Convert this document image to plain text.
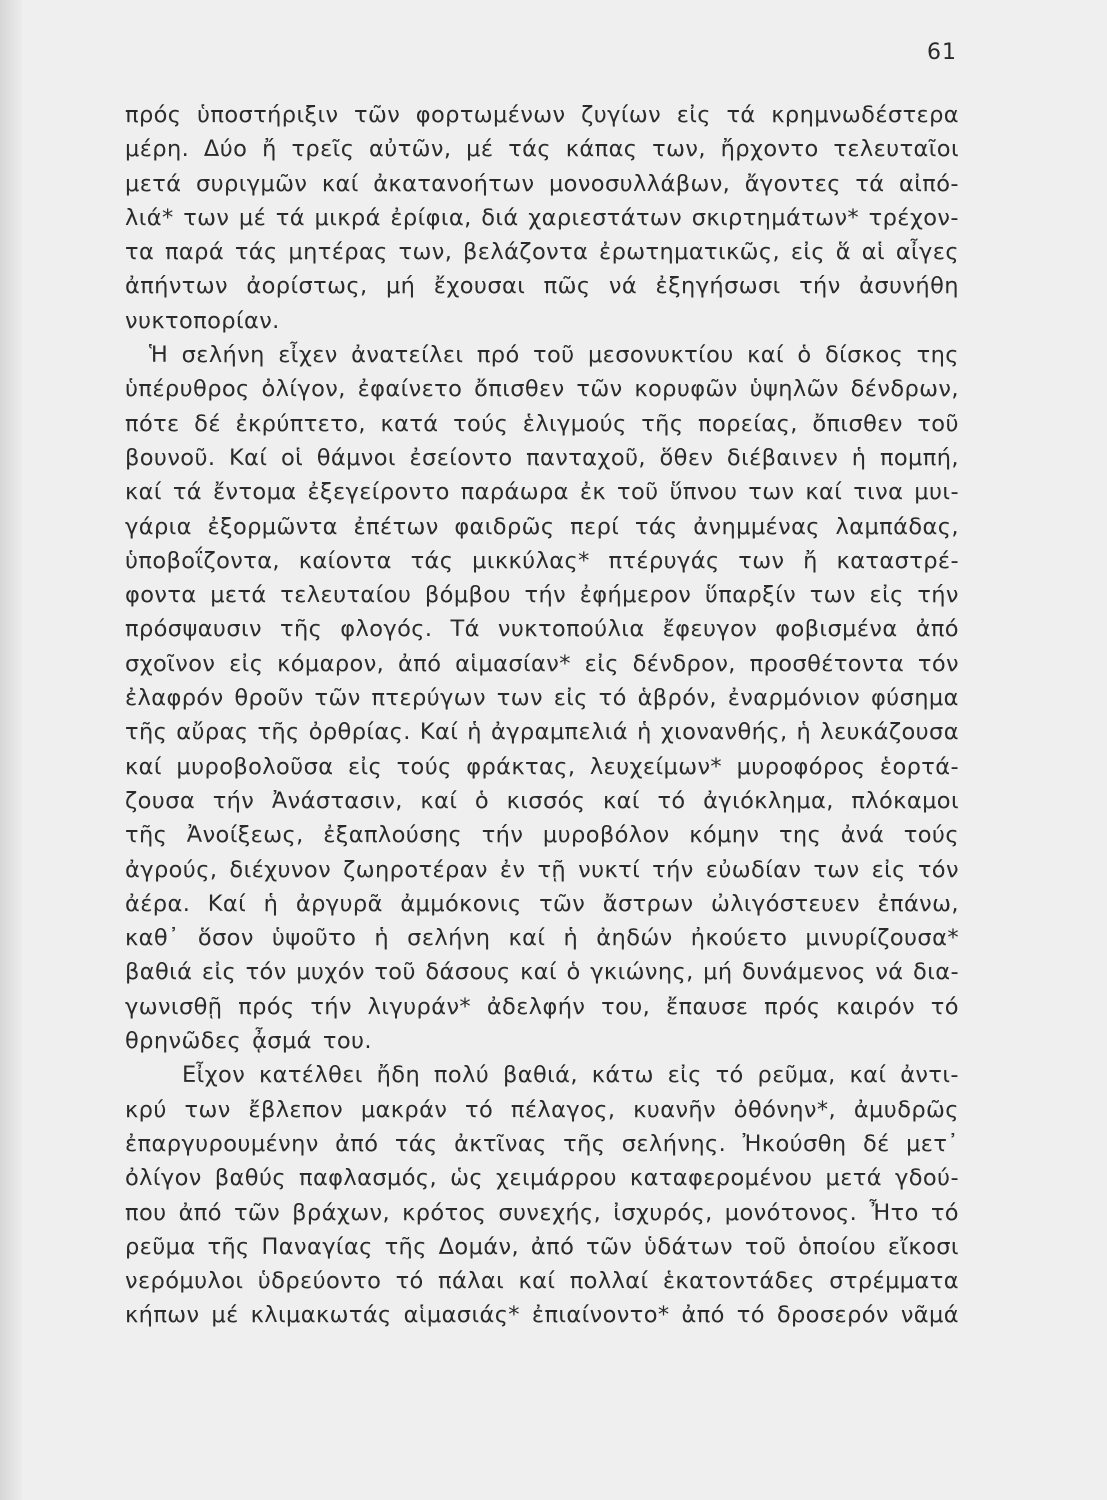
61
πρός ὑποστήριξιν τῶν φορτωμένων ζυγίων εἰς τά κρημνωδέστερα
μέρη. Δύο ἤ τρεῖς αὐτῶν, μέ τάς κάπας των, ἤρχοντο τελευταῖοι
μετά συριγμῶν καί ἀκατανοήτων μονοσυλλάβων, ἄγοντες τά αἰπό-
λιά* των μέ τά μικρά ἐρίφια, διά χαριεστάτων σκιρτημάτων* τρέχον-
τα παρά τάς μητέρας των, βελάζοντα ἐρωτηματικῶς, εἰς ἅ αἱ αἶγες
ἀπήντων ἀορίστως, μή ἔχουσαι πῶς νά ἐξηγήσωσι τήν ἀσυνήθη
νυκτοπορίαν.
Ἡ σελήνη εἶχεν ἀνατείλει πρό τοῦ μεσονυκτίου καί ὁ δίσκος της
ὑπέρυθρος ὀλίγον, ἐφαίνετο ὄπισθεν τῶν κορυφῶν ὑψηλῶν δένδρων,
πότε δέ ἐκρύπτετο, κατά τούς ἑλιγμούς τῆς πορείας, ὄπισθεν τοῦ
βουνοῦ. Καί οἱ θάμνοι ἐσείοντο πανταχοῦ, ὅθεν διέβαινεν ἡ πομπή,
καί τά ἔντομα ἐξεγείροντο παράωρα ἐκ τοῦ ὕπνου των καί τινα μυι-
γάρια ἐξορμῶντα ἐπέτων φαιδρῶς περί τάς ἀνημμένας λαμπάδας,
ὑποβοΐζοντα, καίοντα τάς μικκύλας* πτέρυγάς των ἤ καταστρέ-
φοντα μετά τελευταίου βόμβου τήν ἐφήμερον ὕπαρξίν των εἰς τήν
πρόσψαυσιν τῆς φλογός. Τά νυκτοπούλια ἔφευγον φοβισμένα ἀπό
σχοῖνον εἰς κόμαρον, ἀπό αἱμασίαν* εἰς δένδρον, προσθέτοντα τόν
ἐλαφρόν θροῦν τῶν πτερύγων των εἰς τό ἁβρόν, ἐναρμόνιον φύσημα
τῆς αὔρας τῆς ὀρθρίας. Καί ἡ ἀγραμπελιά ἡ χιονανθής, ἡ λευκάζουσα
καί μυροβολοῦσα εἰς τούς φράκτας, λευχείμων* μυροφόρος ἑορτά-
ζουσα τήν Ἀνάστασιν, καί ὁ κισσός καί τό ἀγιόκλημα, πλόκαμοι
τῆς Ἀνοίξεως, ἐξαπλούσης τήν μυροβόλον κόμην της ἀνά τούς
ἀγρούς, διέχυνον ζωηροτέραν ἐν τῇ νυκτί τήν εὐωδίαν των εἰς τόν
ἀέρα. Καί ἡ ἀργυρᾶ ἀμμόκονις τῶν ἄστρων ὠλιγόστευεν ἐπάνω,
καθ᾽ ὅσον ὑψοῦτο ἡ σελήνη καί ἡ ἀηδών ἠκούετο μινυρίζουσα*
βαθιά εἰς τόν μυχόν τοῦ δάσους καί ὁ γκιώνης, μή δυνάμενος νά δια-
γωνισθῇ πρός τήν λιγυράν* ἀδελφήν του, ἔπαυσε πρός καιρόν τό
θρηνῶδες ᾆσμά του.
Εἶχον κατέλθει ἤδη πολύ βαθιά, κάτω εἰς τό ρεῦμα, καί ἀντι-
κρύ των ἔβλεπον μακράν τό πέλαγος, κυανῆν ὀθόνην*, ἀμυδρῶς
ἐπαργυρουμένην ἀπό τάς ἀκτῖνας τῆς σελήνης. Ἠκούσθη δέ μετ᾽
ὀλίγον βαθύς παφλασμός, ὡς χειμάρρου καταφερομένου μετά γδού-
που ἀπό τῶν βράχων, κρότος συνεχής, ἰσχυρός, μονότονος. Ἦτο τό
ρεῦμα τῆς Παναγίας τῆς Δομάν, ἀπό τῶν ὑδάτων τοῦ ὁποίου εἴκοσι
νερόμυλοι ὑδρεύοντο τό πάλαι καί πολλαί ἑκατοντάδες στρέμματα
κήπων μέ κλιμακωτάς αἱμασιάς* ἐπιαίνοντο* ἀπό τό δροσερόν νᾶμά
